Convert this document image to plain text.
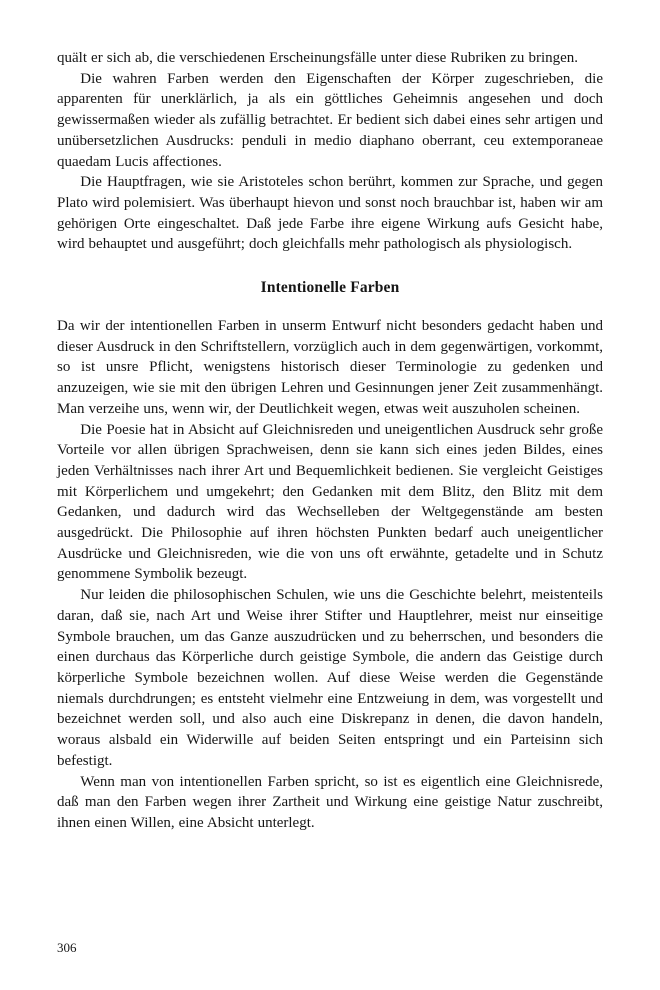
quält er sich ab, die verschiedenen Erscheinungsfälle unter diese Rubriken zu bringen.

Die wahren Farben werden den Eigenschaften der Körper zugeschrieben, die apparenten für unerklärlich, ja als ein göttliches Geheimnis angesehen und doch gewissermaßen wieder als zufällig betrachtet. Er bedient sich dabei eines sehr artigen und unübersetzlichen Ausdrucks: penduli in medio diaphano oberrant, ceu extemporaneae quaedam Lucis affectiones.

Die Hauptfragen, wie sie Aristoteles schon berührt, kommen zur Sprache, und gegen Plato wird polemisiert. Was überhaupt hievon und sonst noch brauchbar ist, haben wir am gehörigen Orte eingeschaltet. Daß jede Farbe ihre eigene Wirkung aufs Gesicht habe, wird behauptet und ausgeführt; doch gleichfalls mehr pathologisch als physiologisch.

Intentionelle Farben

Da wir der intentionellen Farben in unserm Entwurf nicht besonders gedacht haben und dieser Ausdruck in den Schriftstellern, vorzüglich auch in dem gegenwärtigen, vorkommt, so ist unsre Pflicht, wenigstens historisch dieser Terminologie zu gedenken und anzuzeigen, wie sie mit den übrigen Lehren und Gesinnungen jener Zeit zusammenhängt. Man verzeihe uns, wenn wir, der Deutlichkeit wegen, etwas weit auszuholen scheinen.

Die Poesie hat in Absicht auf Gleichnisreden und uneigentlichen Ausdruck sehr große Vorteile vor allen übrigen Sprachweisen, denn sie kann sich eines jeden Bildes, eines jeden Verhältnisses nach ihrer Art und Bequemlichkeit bedienen. Sie vergleicht Geistiges mit Körperlichem und umgekehrt; den Gedanken mit dem Blitz, den Blitz mit dem Gedanken, und dadurch wird das Wechselleben der Weltgegenstände am besten ausgedrückt. Die Philosophie auf ihren höchsten Punkten bedarf auch uneigentlicher Ausdrücke und Gleichnisreden, wie die von uns oft erwähnte, getadelte und in Schutz genommene Symbolik bezeugt.

Nur leiden die philosophischen Schulen, wie uns die Geschichte belehrt, meistenteils daran, daß sie, nach Art und Weise ihrer Stifter und Hauptlehrer, meist nur einseitige Symbole brauchen, um das Ganze auszudrücken und zu beherrschen, und besonders die einen durchaus das Körperliche durch geistige Symbole, die andern das Geistige durch körperliche Symbole bezeichnen wollen. Auf diese Weise werden die Gegenstände niemals durchdrungen; es entsteht vielmehr eine Entzweiung in dem, was vorgestellt und bezeichnet werden soll, und also auch eine Diskrepanz in denen, die davon handeln, woraus alsbald ein Widerwille auf beiden Seiten entspringt und ein Parteisinn sich befestigt.

Wenn man von intentionellen Farben spricht, so ist es eigentlich eine Gleichnisrede, daß man den Farben wegen ihrer Zartheit und Wirkung eine geistige Natur zuschreibt, ihnen einen Willen, eine Absicht unterlegt.

306
